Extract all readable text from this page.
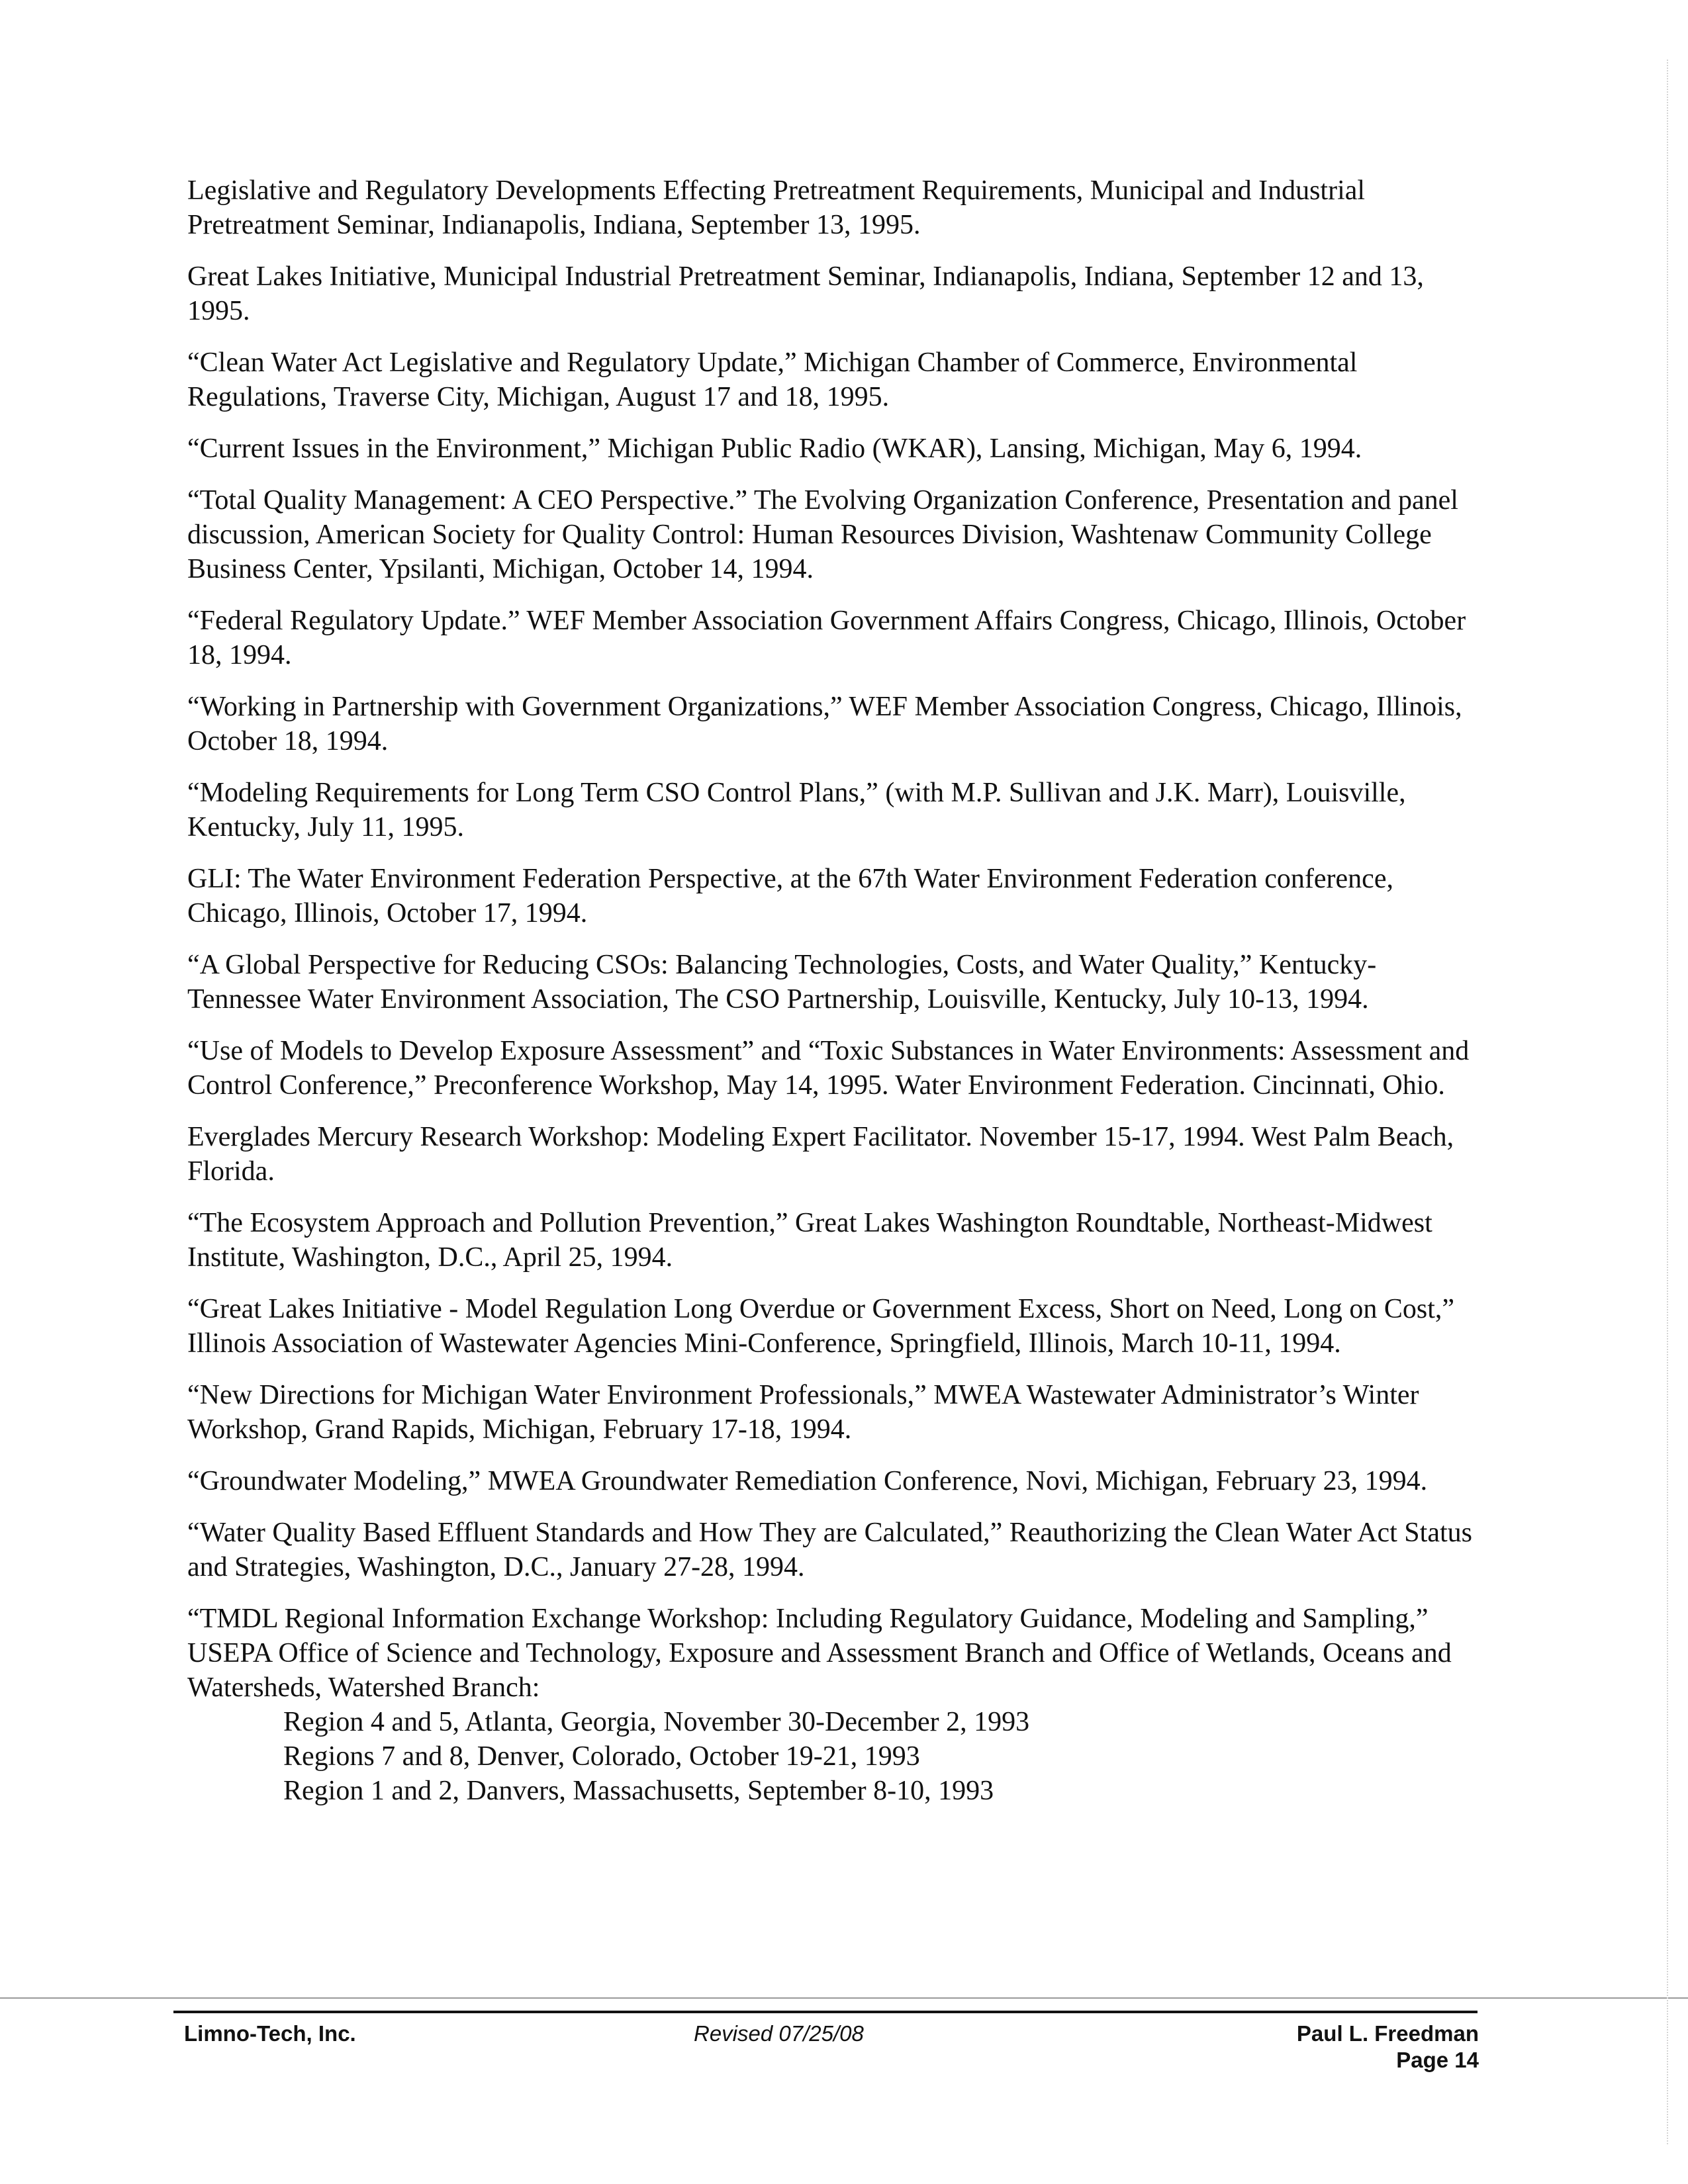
Legislative and Regulatory Developments Effecting Pretreatment Requirements, Municipal and Industrial Pretreatment Seminar, Indianapolis, Indiana, September 13, 1995.

Great Lakes Initiative, Municipal Industrial Pretreatment Seminar, Indianapolis, Indiana, September 12 and 13, 1995.

“Clean Water Act Legislative and Regulatory Update,” Michigan Chamber of Commerce, Environmental Regulations, Traverse City, Michigan, August 17 and 18, 1995.

“Current Issues in the Environment,” Michigan Public Radio (WKAR), Lansing, Michigan, May 6, 1994.

“Total Quality Management: A CEO Perspective.” The Evolving Organization Conference, Presentation and panel discussion, American Society for Quality Control: Human Resources Division, Washtenaw Community College Business Center, Ypsilanti, Michigan, October 14, 1994.

“Federal Regulatory Update.” WEF Member Association Government Affairs Congress, Chicago, Illinois, October 18, 1994.

“Working in Partnership with Government Organizations,” WEF Member Association Congress, Chicago, Illinois, October 18, 1994.

“Modeling Requirements for Long Term CSO Control Plans,” (with M.P. Sullivan and J.K. Marr), Louisville, Kentucky, July 11, 1995.

GLI: The Water Environment Federation Perspective, at the 67th Water Environment Federation conference, Chicago, Illinois, October 17, 1994.

“A Global Perspective for Reducing CSOs: Balancing Technologies, Costs, and Water Quality,” Kentucky-Tennessee Water Environment Association, The CSO Partnership, Louisville, Kentucky, July 10-13, 1994.

“Use of Models to Develop Exposure Assessment” and “Toxic Substances in Water Environments: Assessment and Control Conference,” Preconference Workshop, May 14, 1995. Water Environment Federation. Cincinnati, Ohio.

Everglades Mercury Research Workshop: Modeling Expert Facilitator. November 15-17, 1994. West Palm Beach, Florida.

“The Ecosystem Approach and Pollution Prevention,” Great Lakes Washington Roundtable, Northeast-Midwest Institute, Washington, D.C., April 25, 1994.

“Great Lakes Initiative - Model Regulation Long Overdue or Government Excess, Short on Need, Long on Cost,” Illinois Association of Wastewater Agencies Mini-Conference, Springfield, Illinois, March 10-11, 1994.

“New Directions for Michigan Water Environment Professionals,” MWEA Wastewater Administrator’s Winter Workshop, Grand Rapids, Michigan, February 17-18, 1994.

“Groundwater Modeling,” MWEA Groundwater Remediation Conference, Novi, Michigan, February 23, 1994.

“Water Quality Based Effluent Standards and How They are Calculated,” Reauthorizing the Clean Water Act Status and Strategies, Washington, D.C., January 27-28, 1994.

“TMDL Regional Information Exchange Workshop: Including Regulatory Guidance, Modeling and Sampling,” USEPA Office of Science and Technology, Exposure and Assessment Branch and Office of Wetlands, Oceans and Watersheds, Watershed Branch:

Region 4 and 5, Atlanta, Georgia, November 30-December 2, 1993
Regions 7 and 8, Denver, Colorado, October 19-21, 1993
Region 1 and 2, Danvers, Massachusetts, September 8-10, 1993
Limno-Tech, Inc.	Revised 07/25/08	Paul L. Freedman
Page 14
